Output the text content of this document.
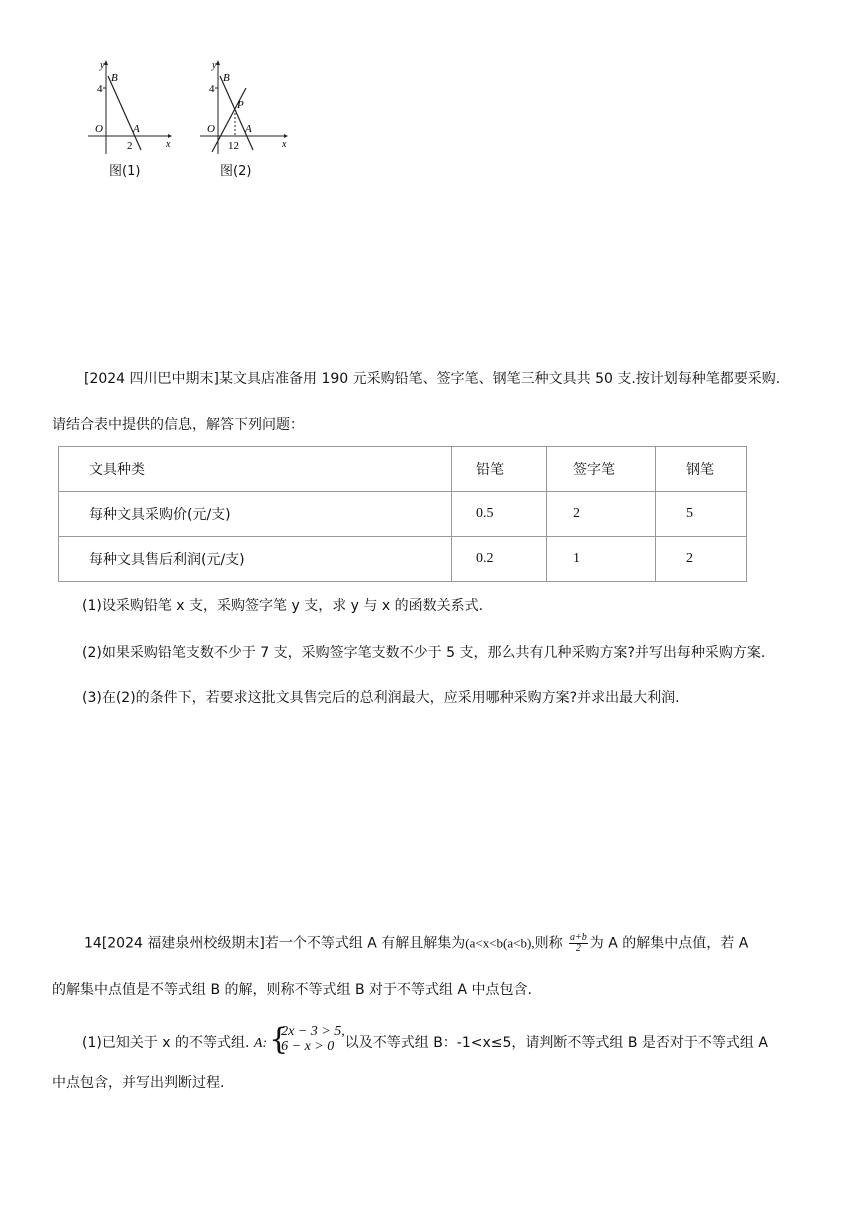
y
x
O
B
A
4
2
图(1)
y
x
O
B
A
P
4
12
图(2)
[2024 四川巴中期末]某文具店准备用 190 元采购铅笔、签字笔、钢笔三种文具共 50 支.按计划每种笔都要采购.
请结合表中提供的信息，解答下列问题：
文具种类	铅笔	签字笔	钢笔
每种文具采购价(元/支)	0.5	2	5
每种文具售后利润(元/支)	0.2	1	2
(1)设采购铅笔 x 支，采购签字笔 y 支，求 y 与 x 的函数关系式.
(2)如果采购铅笔支数不少于 7 支，采购签字笔支数不少于 5 支，那么共有几种采购方案?并写出每种采购方案.
(3)在(2)的条件下，若要求这批文具售完后的总利润最大，应采用哪种采购方案?并求出最大利润.
14[2024 福建泉州校级期末]若一个不等式组 A 有解且解集为(a<x<b(a<b),则称 $\frac{a+b}{2}$ 为 A 的解集中点值，若 A
的解集中点值是不等式组 B 的解，则称不等式组 B 对于不等式组 A 中点包含.
(1)已知关于 x 的不等式组. A: {
2x − 3 > 5,
6 − x > 0 以及不等式组 B：-1<x≤5，请判断不等式组 B 是否对于不等式组 A
中点包含，并写出判断过程.
